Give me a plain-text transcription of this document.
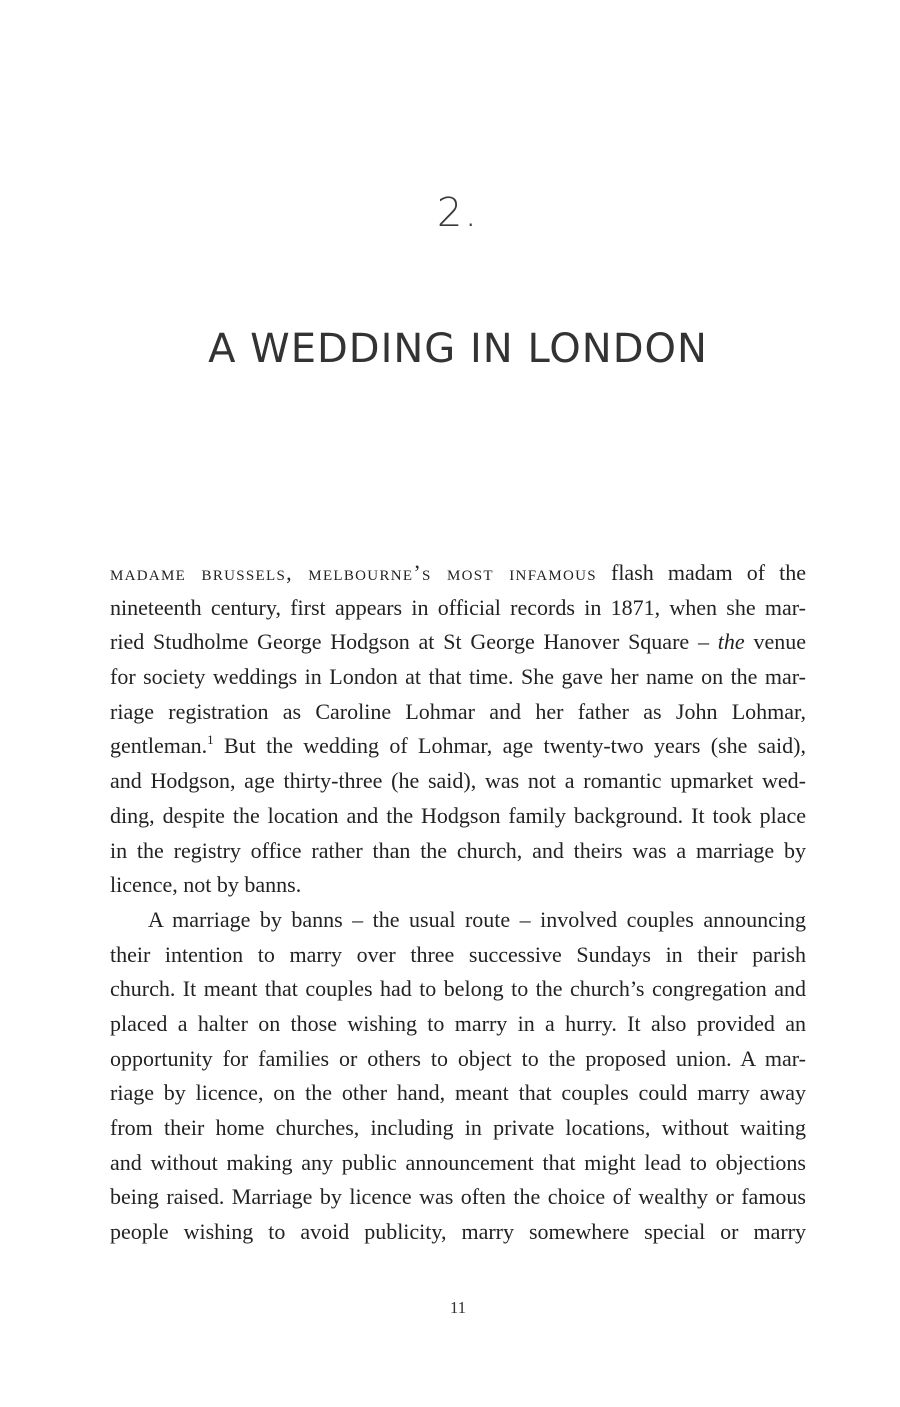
2.
A WEDDING IN LONDON
madame brussels, melbourne’s most infamous flash madam of the
nineteenth century, first appears in official records in 1871, when she mar-
ried Studholme George Hodgson at St George Hanover Square – the venue
for society weddings in London at that time. She gave her name on the mar-
riage registration as Caroline Lohmar and her father as John Lohmar,
gentleman.$^1$ But the wedding of Lohmar, age twenty-two years (she said),
and Hodgson, age thirty-three (he said), was not a romantic upmarket wed-
ding, despite the location and the Hodgson family background. It took place
in the registry office rather than the church, and theirs was a marriage by
licence, not by banns.
A marriage by banns – the usual route – involved couples announcing
their intention to marry over three successive Sundays in their parish
church. It meant that couples had to belong to the church’s congregation and
placed a halter on those wishing to marry in a hurry. It also provided an
opportunity for families or others to object to the proposed union. A mar-
riage by licence, on the other hand, meant that couples could marry away
from their home churches, including in private locations, without waiting
and without making any public announcement that might lead to objections
being raised. Marriage by licence was often the choice of wealthy or famous
people wishing to avoid publicity, marry somewhere special or marry
11
